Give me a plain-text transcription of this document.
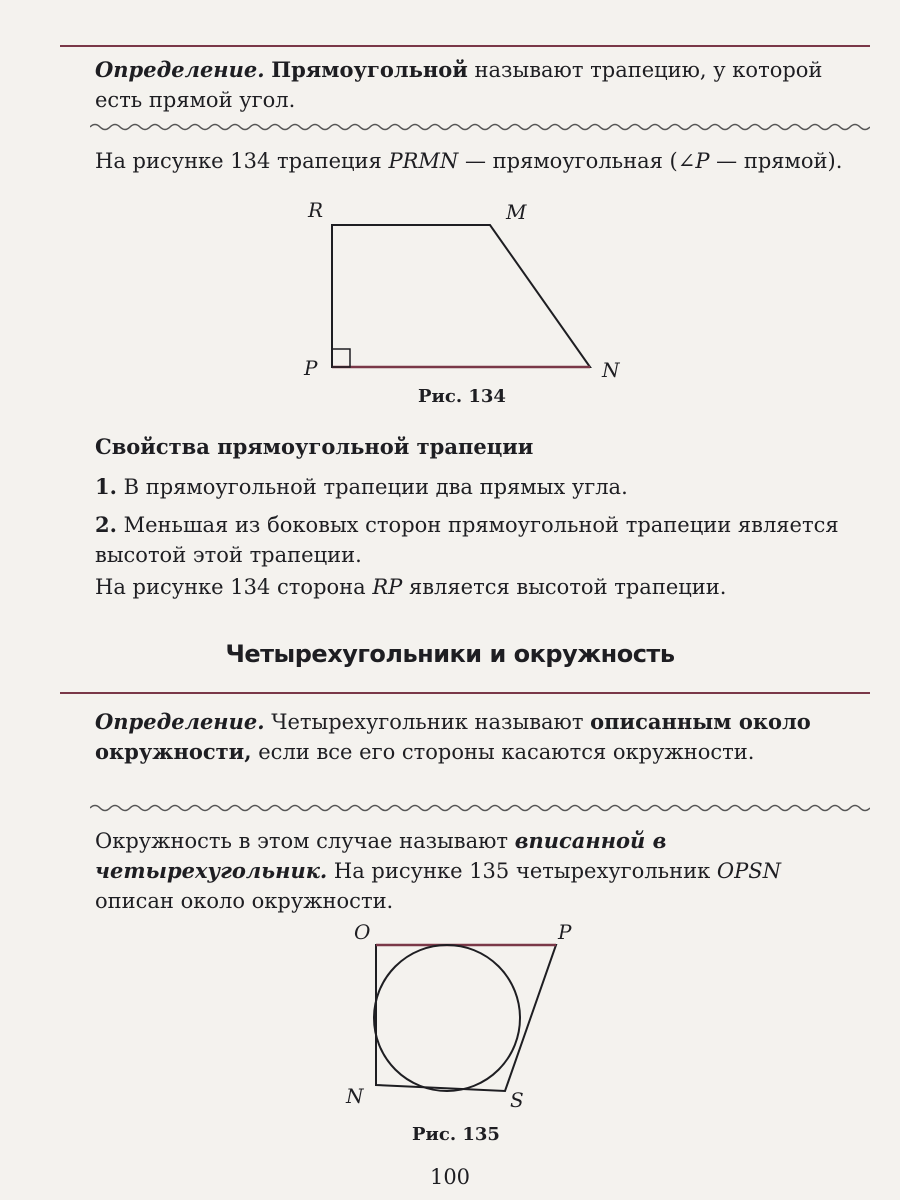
Определение. Прямоугольной называют трапецию, у которой есть прямой угол.

На рисунке 134 трапеция PRMN — прямоугольная (∠P — прямой).

R	M
P	N
Рис. 134

Свойства прямоугольной трапеции

1. В прямоугольной трапеции два прямых угла.

2. Меньшая из боковых сторон прямоугольной трапеции является высотой этой трапеции.

На рисунке 134 сторона RP является высотой трапеции.

Четырехугольники и окружность

Определение. Четырехугольник называют описанным около окружности, если все его стороны касаются окружности.

Окружность в этом случае называют вписанной в четырехугольник. На рисунке 135 четырехугольник OPSN описан около окружности.

O	P
N	S
Рис. 135
100
